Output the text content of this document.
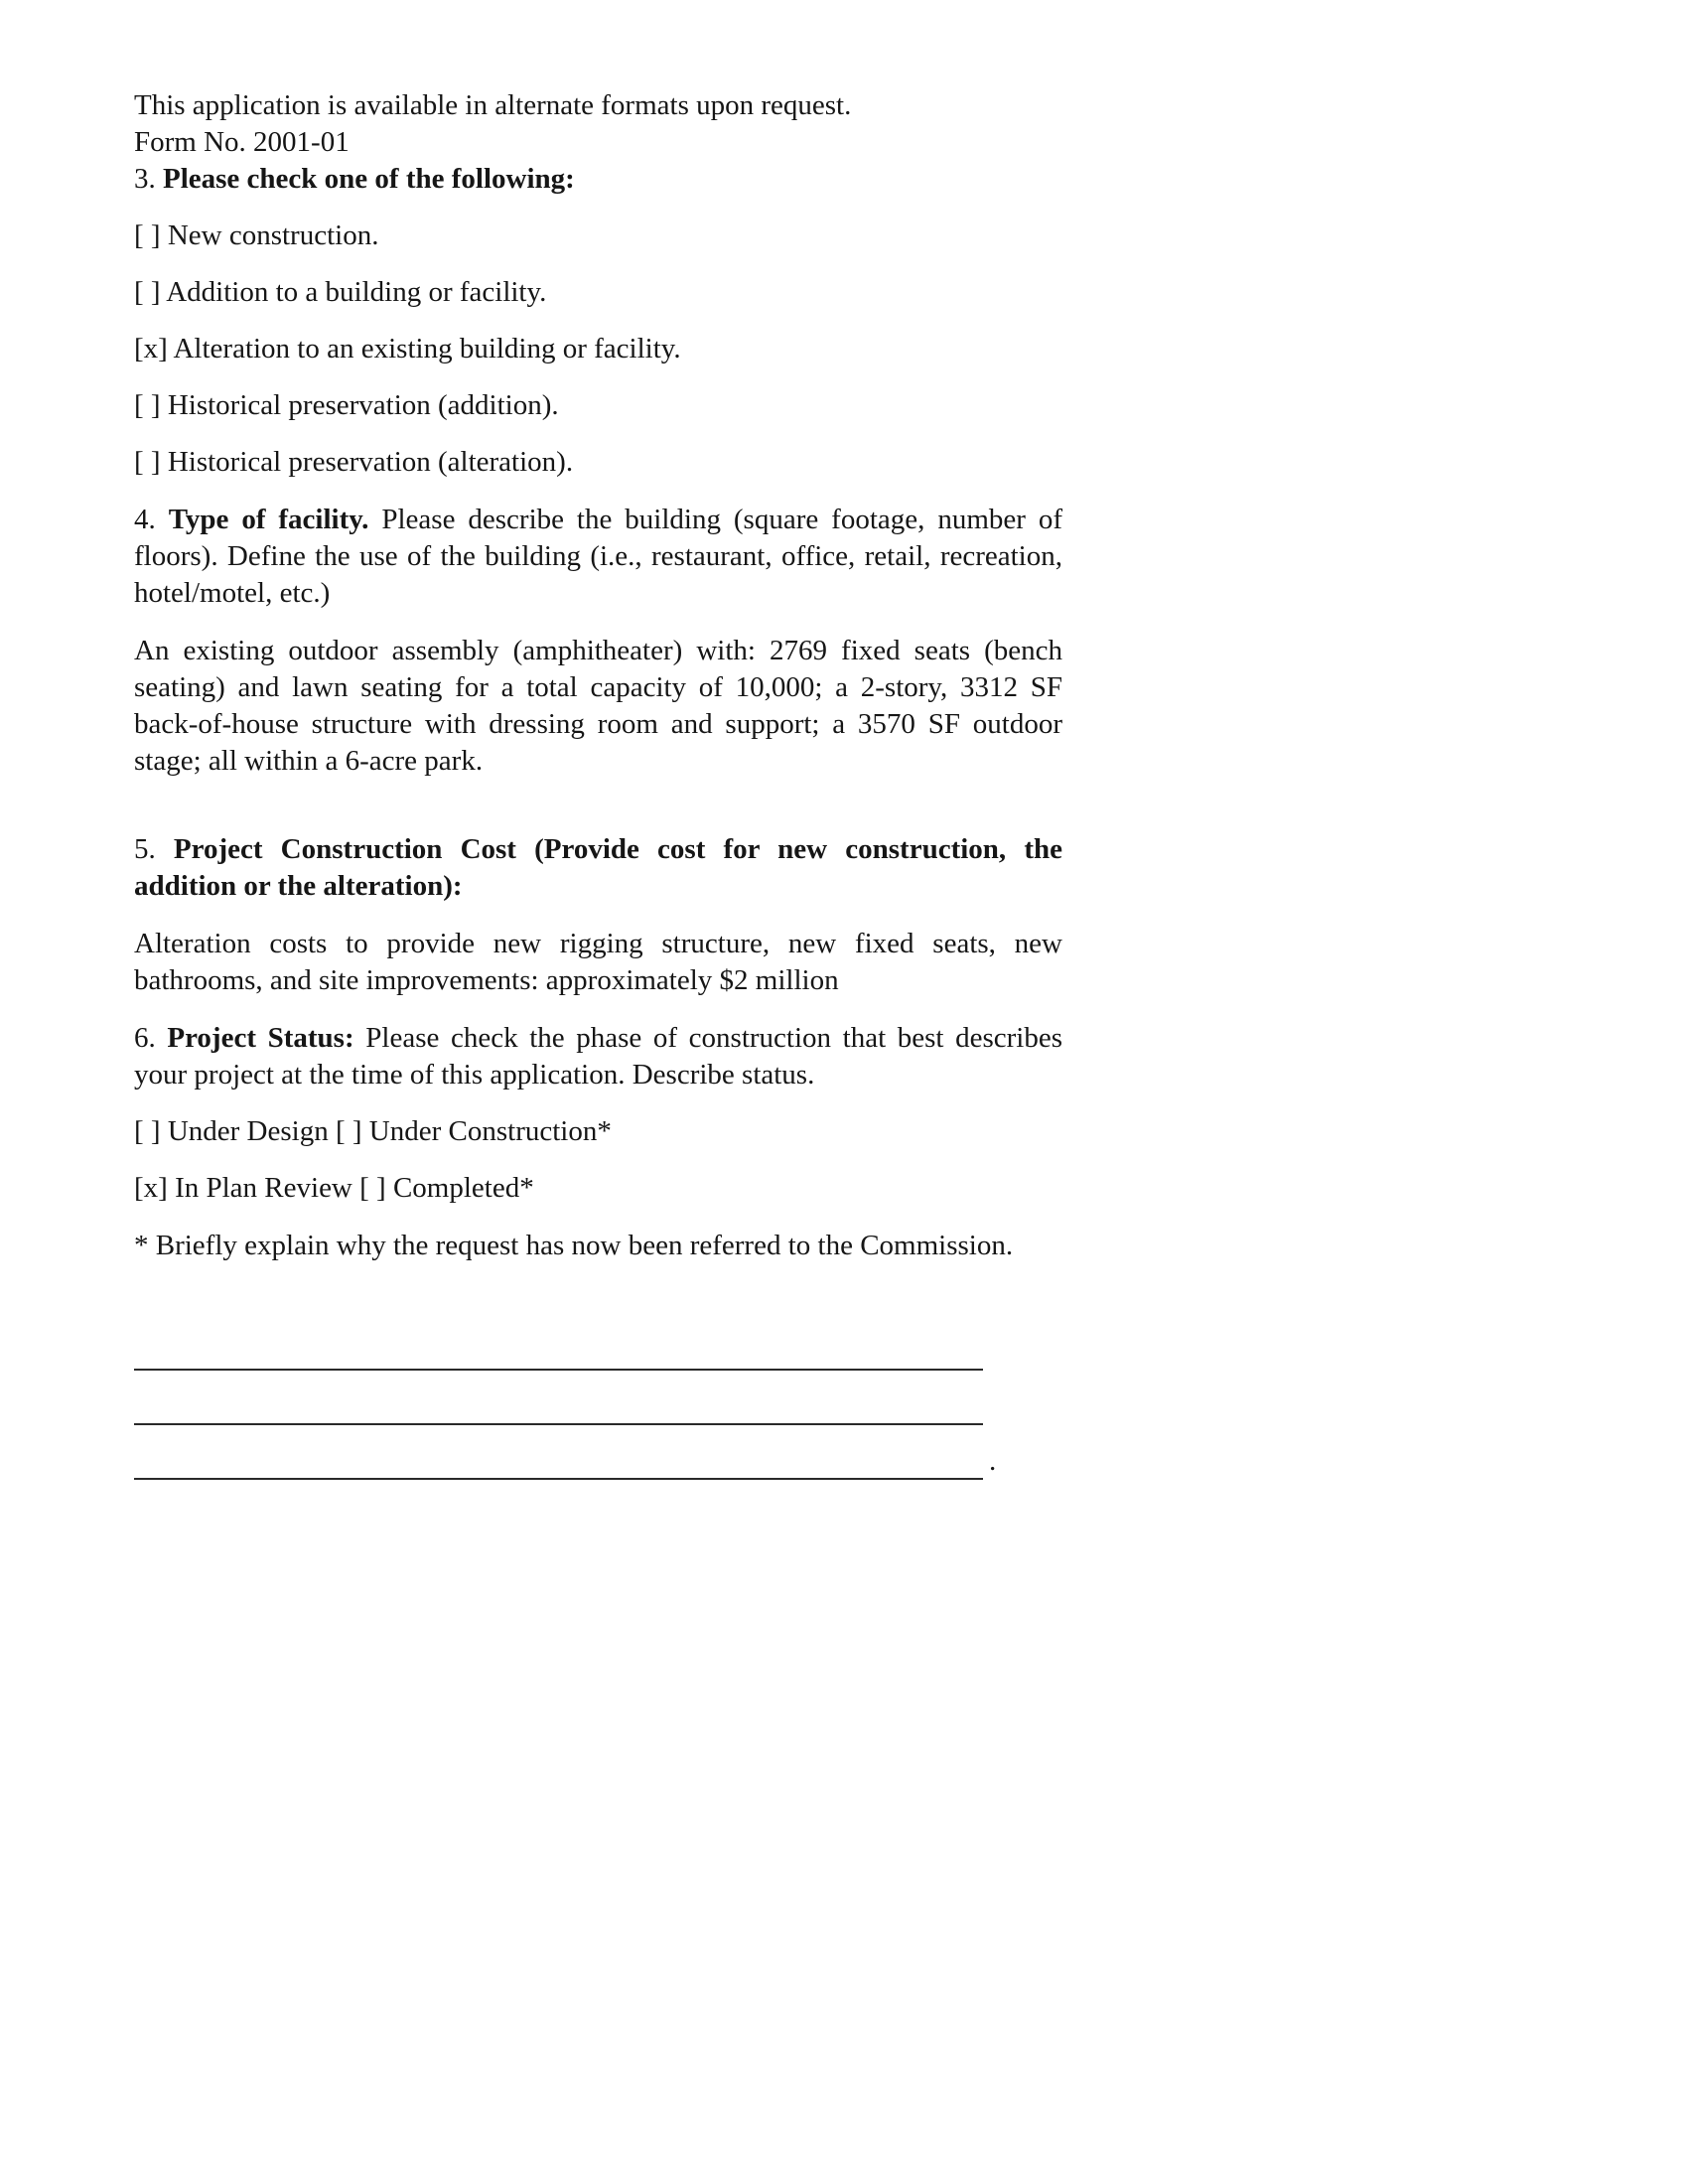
This application is available in alternate formats upon request.

Form No. 2001-01

3. Please check one of the following:

[ ] New construction.

[ ] Addition to a building or facility.

[x] Alteration to an existing building or facility.

[ ] Historical preservation (addition).

[ ] Historical preservation (alteration).

4. Type of facility. Please describe the building (square footage, number of floors). Define the use of the building (i.e., restaurant, office, retail, recreation, hotel/motel, etc.)

An existing outdoor assembly (amphitheater) with: 2769 fixed seats (bench seating) and lawn seating for a total capacity of 10,000; a 2-story, 3312 SF back-of-house structure with dressing room and support; a 3570 SF outdoor stage; all within a 6-acre park.

5. Project Construction Cost (Provide cost for new construction, the addition or the alteration):

Alteration costs to provide new rigging structure, new fixed seats, new bathrooms, and site improvements: approximately $2 million

6. Project Status: Please check the phase of construction that best describes your project at the time of this application. Describe status.

[ ] Under Design [ ] Under Construction*

[x] In Plan Review [ ] Completed*

* Briefly explain why the request has now been referred to the Commission.

.
